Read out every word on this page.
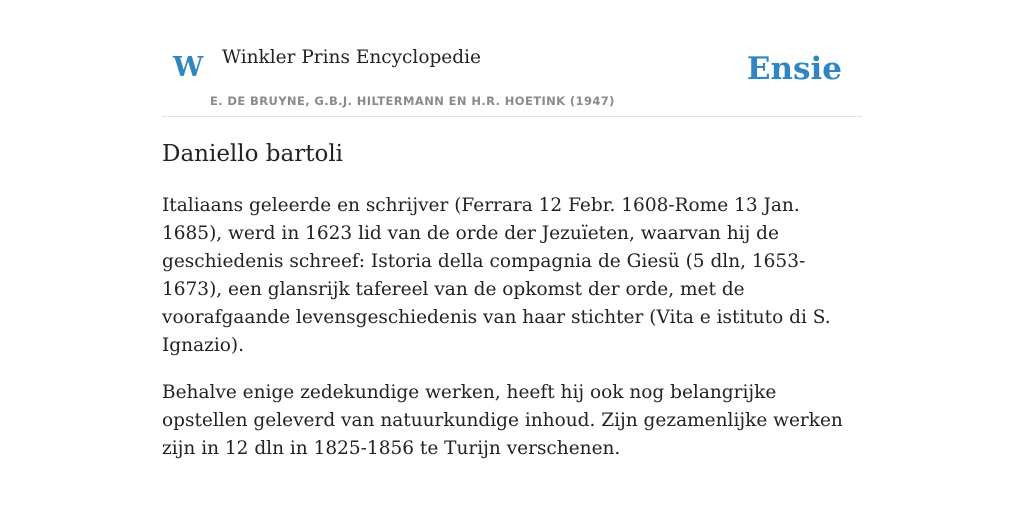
W Winkler Prins Encyclopedie
E. DE BRUYNE, G.B.J. HILTERMANN EN H.R. HOETINK (1947)
Ensie
Daniello bartoli

Italiaans geleerde en schrijver (Ferrara 12 Febr. 1608-Rome 13 Jan. 1685), werd in 1623 lid van de orde der Jezuïeten, waarvan hij de geschiedenis schreef: Istoria della compagnia de Giesü (5 dln, 1653-1673), een glansrijk tafereel van de opkomst der orde, met de voorafgaande levensgeschiedenis van haar stichter (Vita e istituto di S. Ignazio).

Behalve enige zedekundige werken, heeft hij ook nog belangrijke opstellen geleverd van natuurkundige inhoud. Zijn gezamenlijke werken zijn in 12 dln in 1825-1856 te Turijn verschenen.
